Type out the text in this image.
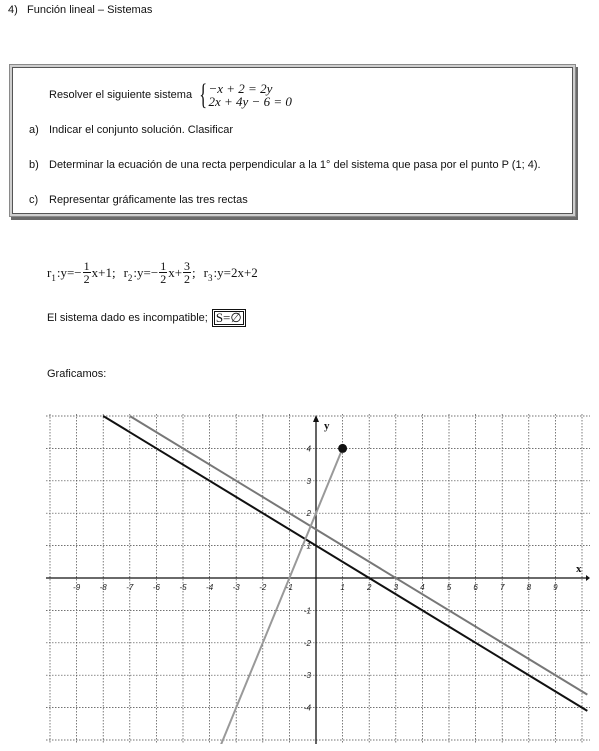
4) Función lineal – Sistemas
Resolver el siguiente sistema { −x + 2 = 2y
2x + 4y − 6 = 0
a) Indicar el conjunto solución. Clasificar
b) Determinar la ecuación de una recta perpendicular a la 1° del sistema que pasa por el punto P (1; 4).
c) Representar gráficamente las tres rectas
r 1 :y=− $\frac{1}{2} x+1$; r 2 :y=− $\frac{1}{2} x+ \frac{3}{2}$ ; r 3 :y=2x+2
El sistema dado es incompatible; S=∅
Graficamos:
x
y
-9 -8 -7 -6 -5 -4 -3 -2 -1	1	2	3	4	5	6	7	8	9
-4
-3
-2
-1
1
2
3
4
